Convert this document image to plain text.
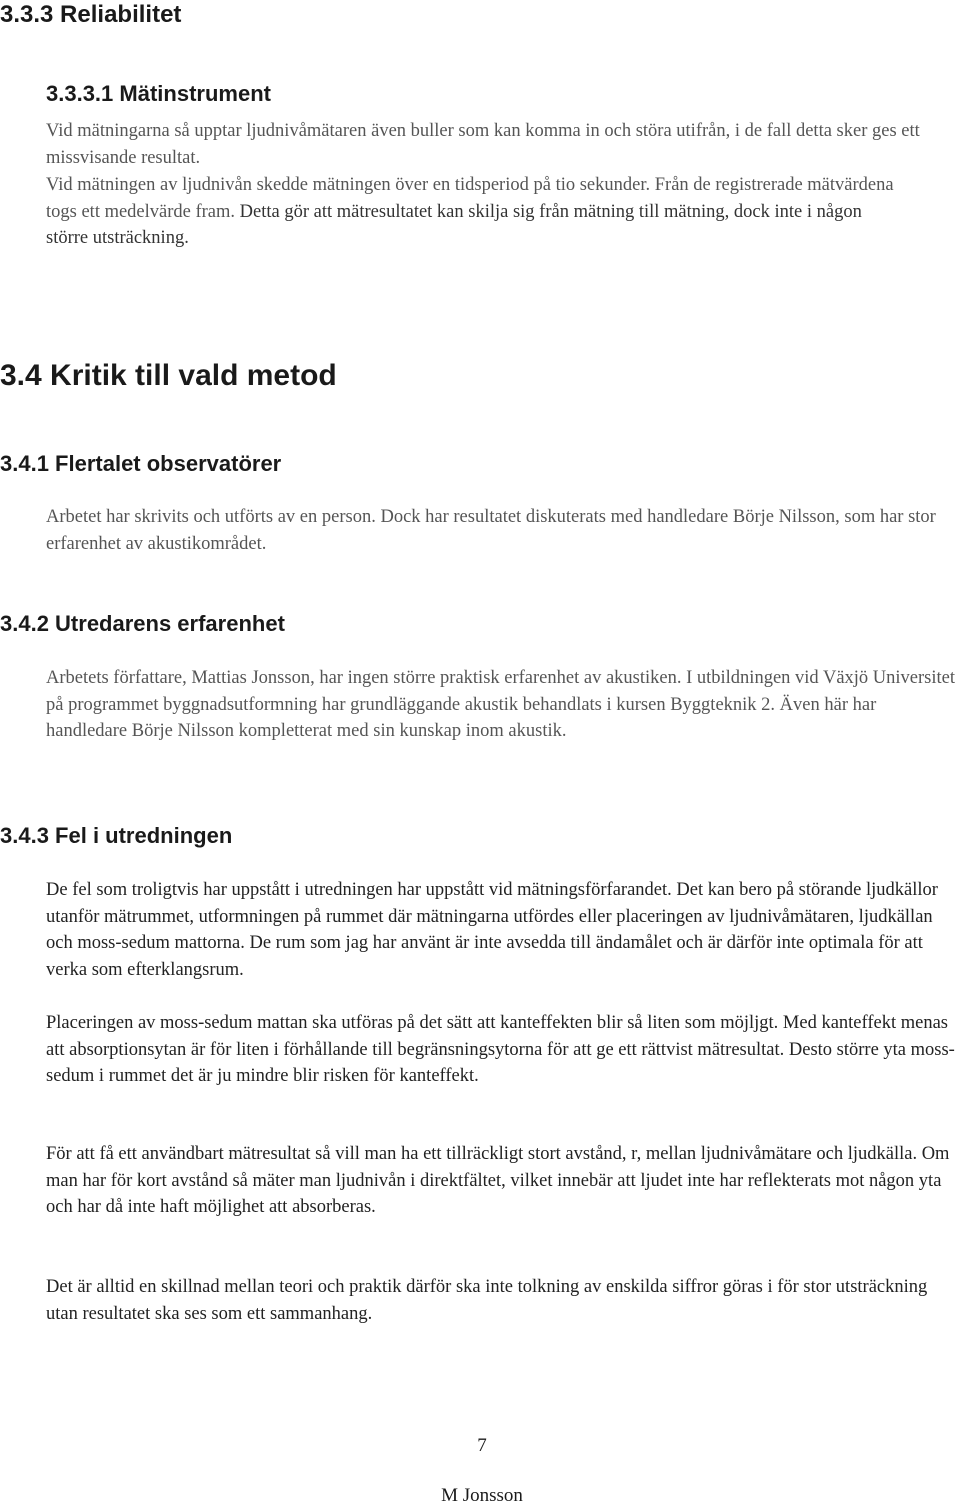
3.3.3 Reliabilitet
3.3.3.1 Mätinstrument

Vid mätningarna så upptar ljudnivåmätaren även buller som kan komma in och störa utifrån, i de fall detta sker ges ett missvisande resultat.

Vid mätningen av ljudnivån skedde mätningen över en tidsperiod på tio sekunder. Från de registrerade mätvärdena togs ett medelvärde fram. Detta gör att mätresultatet kan skilja sig från mätning till mätning, dock inte i någon större utsträckning.

3.4 Kritik till vald metod
3.4.1 Flertalet observatörer

Arbetet har skrivits och utförts av en person. Dock har resultatet diskuterats med handledare Börje Nilsson, som har stor erfarenhet av akustikområdet.

3.4.2 Utredarens erfarenhet

Arbetets författare, Mattias Jonsson, har ingen större praktisk erfarenhet av akustiken. I utbildningen vid Växjö Universitet på programmet byggnadsutformning har grundläggande akustik behandlats i kursen Byggteknik 2. Även här har handledare Börje Nilsson kompletterat med sin kunskap inom akustik.

3.4.3 Fel i utredningen

De fel som troligtvis har uppstått i utredningen har uppstått vid mätningsförfarandet. Det kan bero på störande ljudkällor utanför mätrummet, utformningen på rummet där mätningarna utfördes eller placeringen av ljudnivåmätaren, ljudkällan och moss-sedum mattorna. De rum som jag har använt är inte avsedda till ändamålet och är därför inte optimala för att verka som efterklangsrum.

Placeringen av moss-sedum mattan ska utföras på det sätt att kanteffekten blir så liten som möjljgt. Med kanteffekt menas att absorptionsytan är för liten i förhållande till begränsningsytorna för att ge ett rättvist mätresultat. Desto större yta moss-sedum i rummet det är ju mindre blir risken för kanteffekt.

För att få ett användbart mätresultat så vill man ha ett tillräckligt stort avstånd, r, mellan ljudnivåmätare och ljudkälla. Om man har för kort avstånd så mäter man ljudnivån i direktfältet, vilket innebär att ljudet inte har reflekterats mot någon yta och har då inte haft möjlighet att absorberas.

Det är alltid en skillnad mellan teori och praktik därför ska inte tolkning av enskilda siffror göras i för stor utsträckning utan resultatet ska ses som ett sammanhang.

7
M Jonsson
